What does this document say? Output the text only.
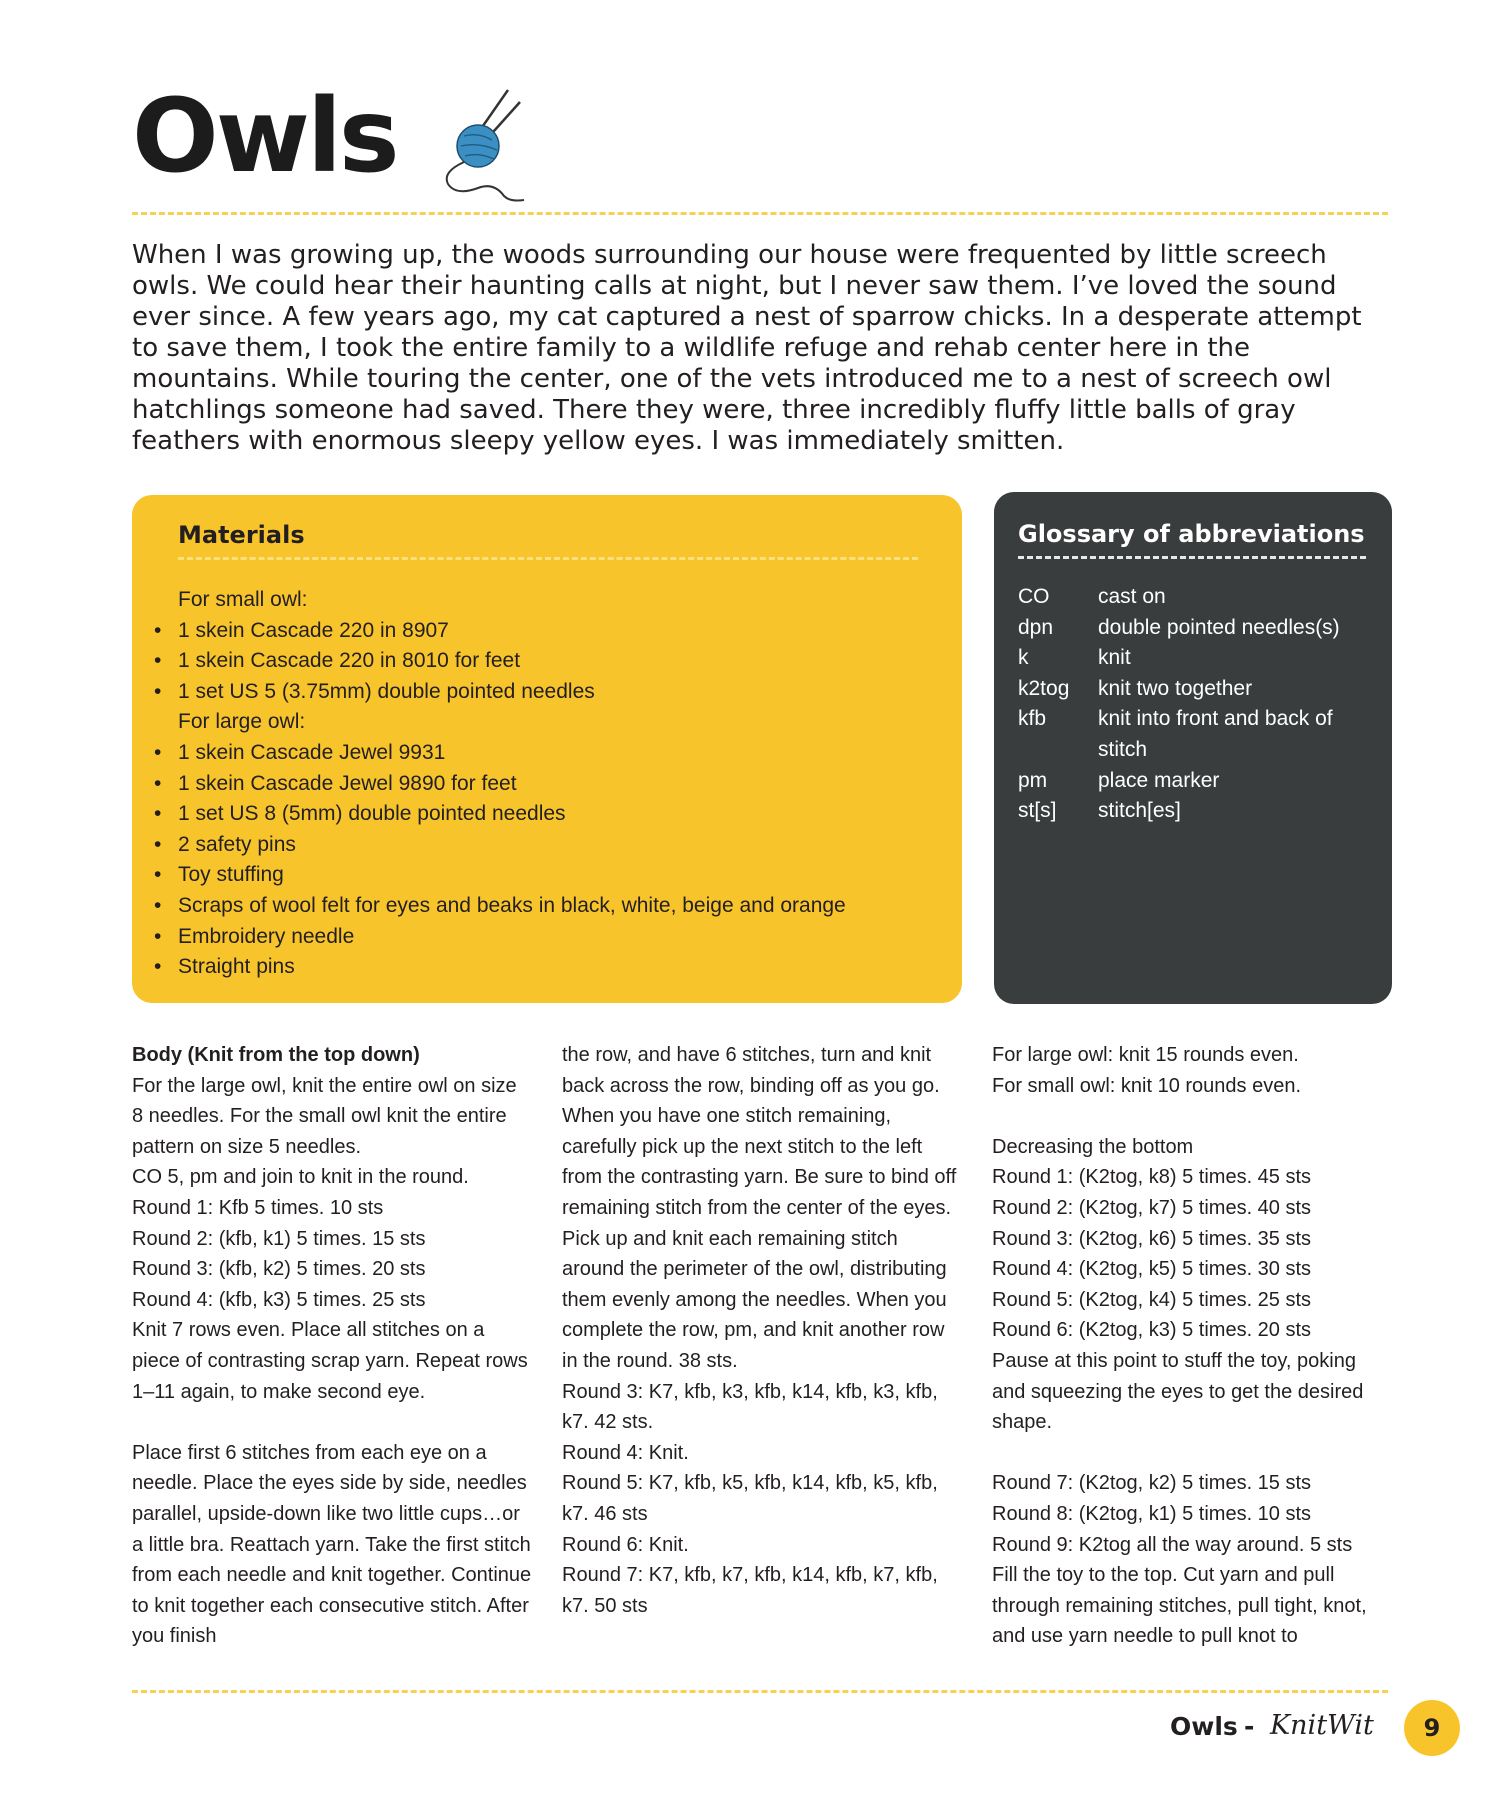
Owls

When I was growing up, the woods surrounding our house were frequented by little screech owls. We could hear their haunting calls at night, but I never saw them. I’ve loved the sound ever since. A few years ago, my cat captured a nest of sparrow chicks. In a desperate attempt to save them, I took the entire family to a wildlife refuge and rehab center here in the mountains. While touring the center, one of the vets introduced me to a nest of screech owl hatchlings someone had saved. There they were, three incredibly fluffy little balls of gray feathers with enormous sleepy yellow eyes. I was immediately smitten.

Materials
For small owl:
• 1 skein Cascade 220 in 8907
• 1 skein Cascade 220 in 8010 for feet
• 1 set US 5 (3.75mm) double pointed needles
For large owl:
• 1 skein Cascade Jewel 9931
• 1 skein Cascade Jewel 9890 for feet
• 1 set US 8 (5mm) double pointed needles
• 2 safety pins
• Toy stuffing
• Scraps of wool felt for eyes and beaks in black, white, beige and orange
• Embroidery needle
• Straight pins
Glossary of abbreviations
CO	cast on
dpn	double pointed needles(s)
k	knit
k2tog	knit two together
kfb	knit into front and back of stitch
pm	place marker
st[s]	stitch[es]

Body (Knit from the top down)

For the large owl, knit the entire owl on size 8 needles. For the small owl knit the entire pattern on size 5 needles.

CO 5, pm and join to knit in the round.

Round 1: Kfb 5 times. 10 sts

Round 2: (kfb, k1) 5 times. 15 sts

Round 3: (kfb, k2) 5 times. 20 sts

Round 4: (kfb, k3) 5 times. 25 sts

Knit 7 rows even. Place all stitches on a piece of contrasting scrap yarn. Repeat rows 1–11 again, to make second eye.

Place first 6 stitches from each eye on a needle. Place the eyes side by side, needles parallel, upside-down like two little cups…or a little bra. Reattach yarn. Take the first stitch from each needle and knit together. Continue to knit together each consecutive stitch. After you finish

the row, and have 6 stitches, turn and knit back across the row, binding off as you go. When you have one stitch remaining, carefully pick up the next stitch to the left from the contrasting yarn. Be sure to bind off remaining stitch from the center of the eyes. Pick up and knit each remaining stitch around the perimeter of the owl, distributing them evenly among the needles. When you complete the row, pm, and knit another row in the round. 38 sts.

Round 3: K7, kfb, k3, kfb, k14, kfb, k3, kfb, k7. 42 sts.

Round 4: Knit.

Round 5: K7, kfb, k5, kfb, k14, kfb, k5, kfb, k7. 46 sts

Round 6: Knit.

Round 7: K7, kfb, k7, kfb, k14, kfb, k7, kfb, k7. 50 sts

For large owl: knit 15 rounds even.

For small owl: knit 10 rounds even.

Decreasing the bottom

Round 1: (K2tog, k8) 5 times. 45 sts

Round 2: (K2tog, k7) 5 times. 40 sts

Round 3: (K2tog, k6) 5 times. 35 sts

Round 4: (K2tog, k5) 5 times. 30 sts

Round 5: (K2tog, k4) 5 times. 25 sts

Round 6: (K2tog, k3) 5 times. 20 sts

Pause at this point to stuff the toy, poking and squeezing the eyes to get the desired shape.

Round 7: (K2tog, k2) 5 times. 15 sts

Round 8: (K2tog, k1) 5 times. 10 sts

Round 9: K2tog all the way around. 5 sts

Fill the toy to the top. Cut yarn and pull through remaining stitches, pull tight, knot, and use yarn needle to pull knot to

Owls - KnitWit	9
